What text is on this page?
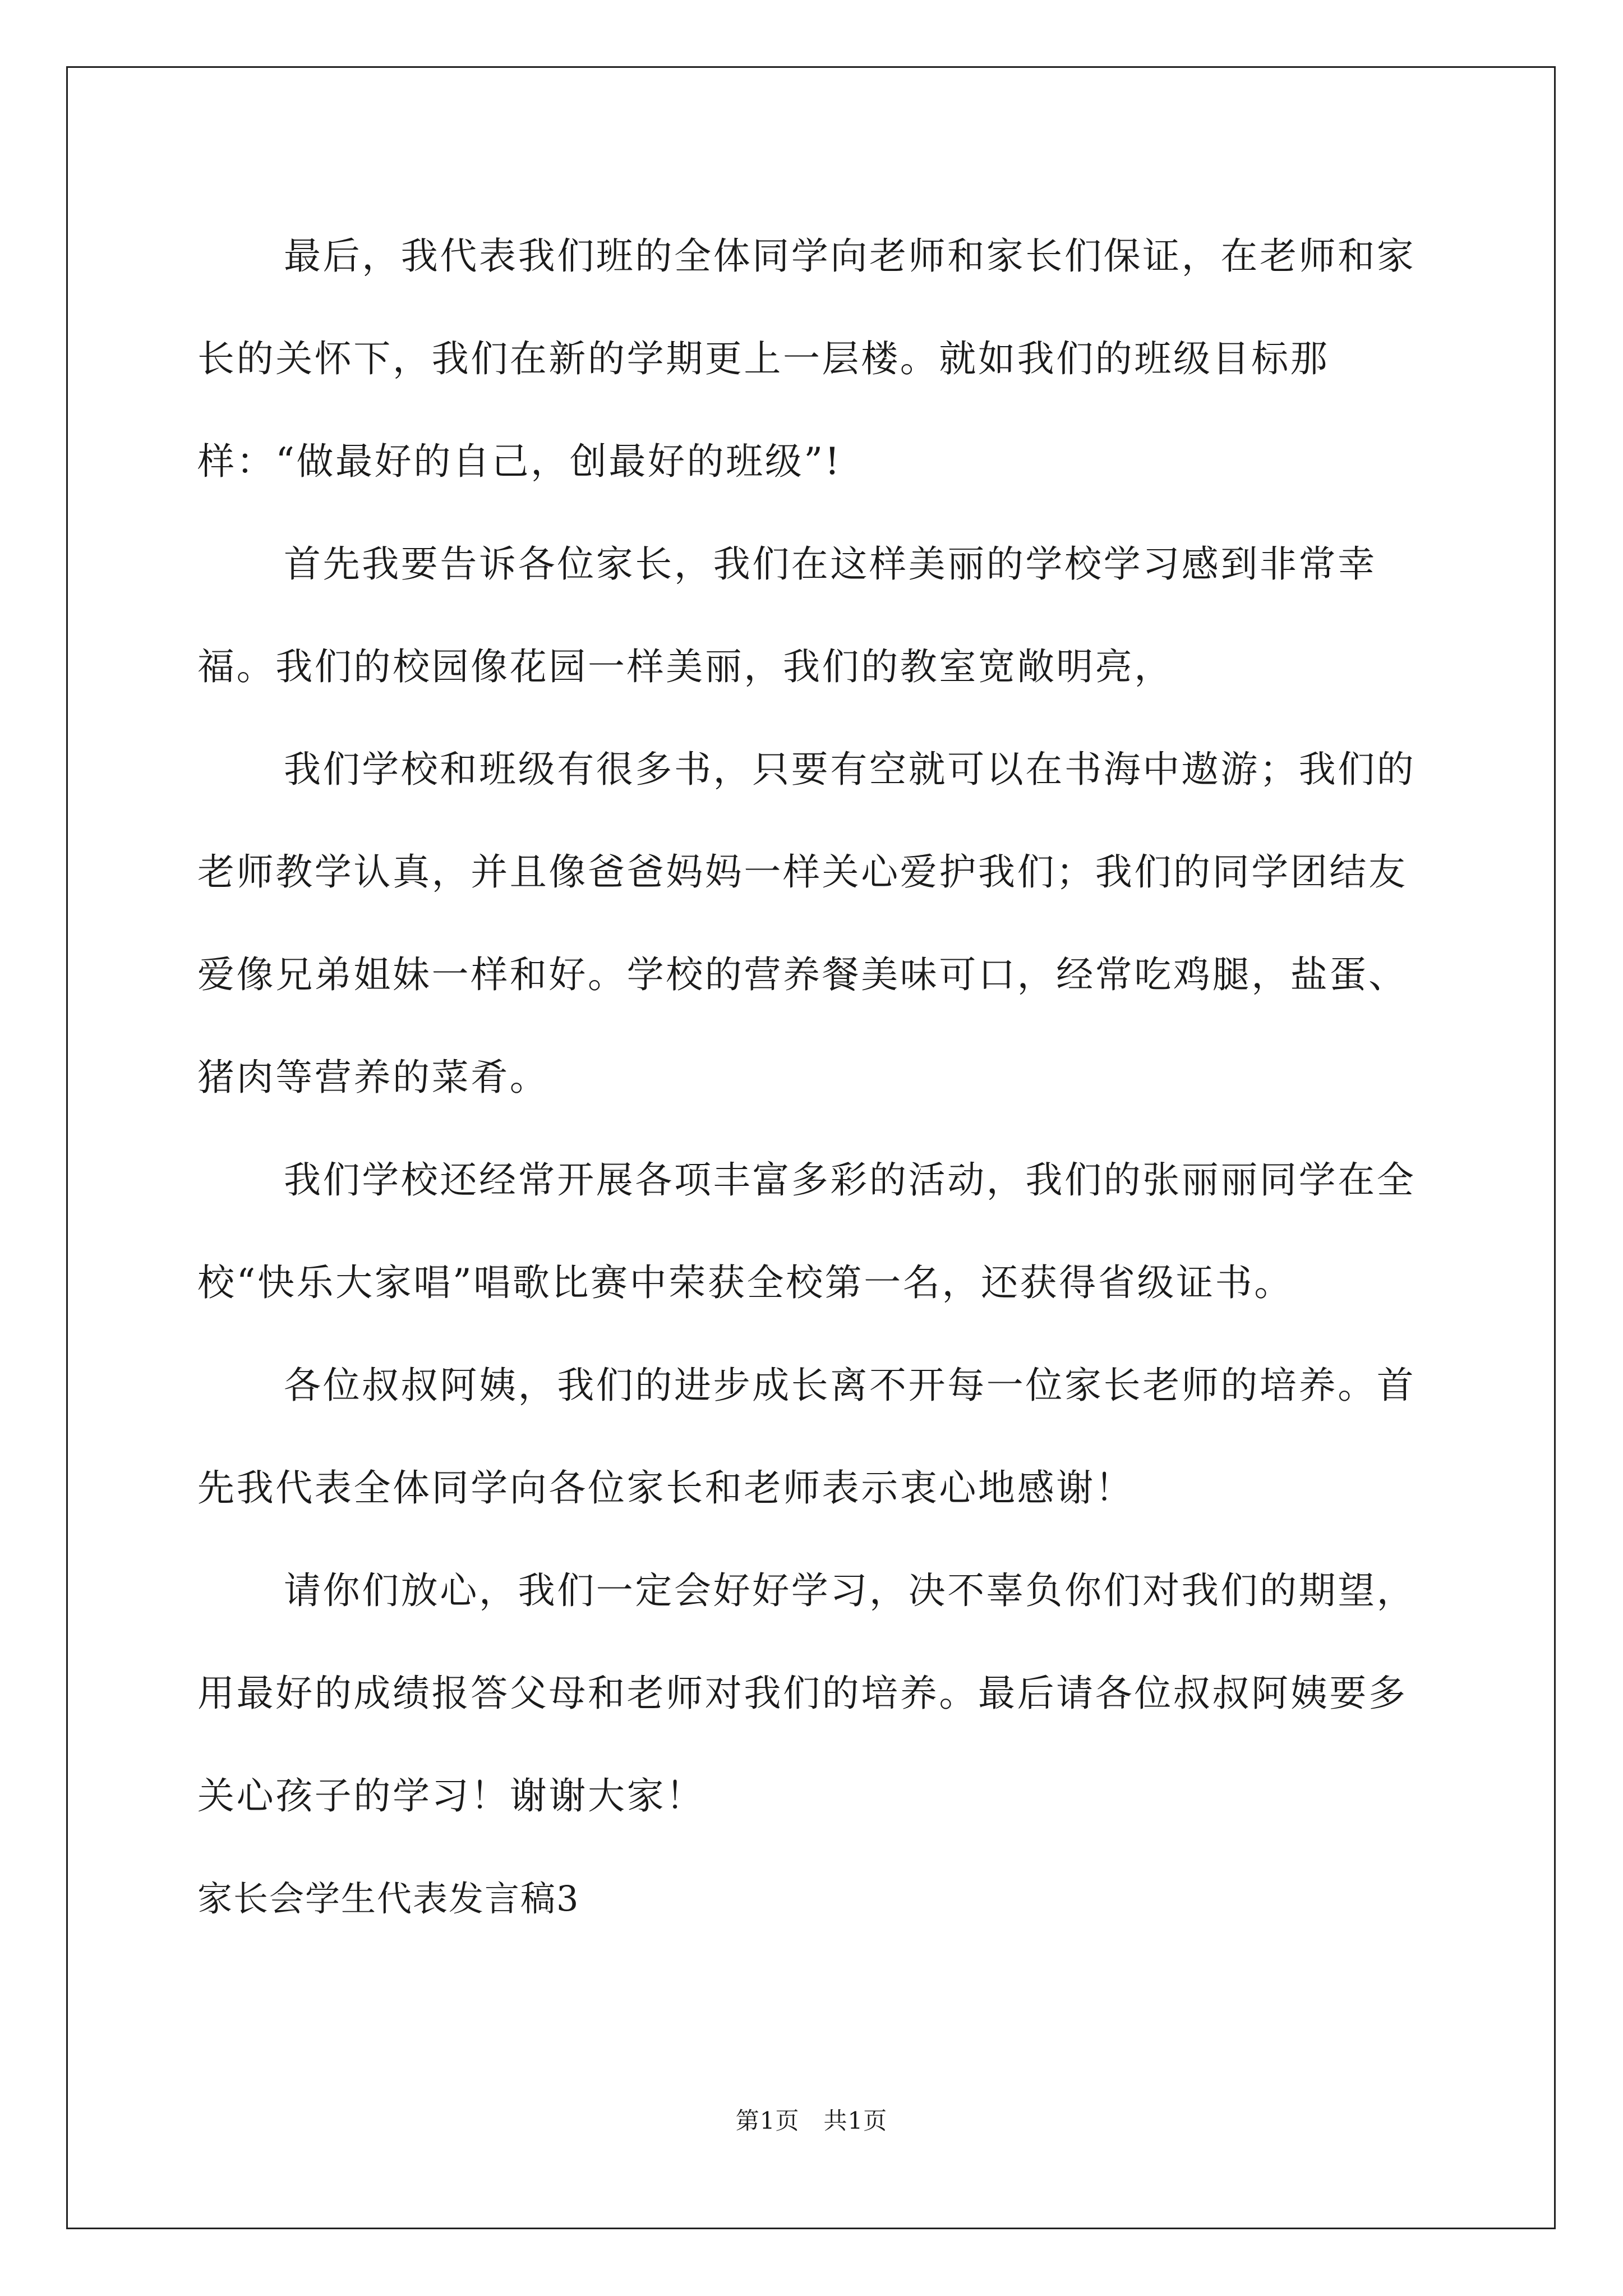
最后，我代表我们班的全体同学向老师和家长们保证，在老师和家长的关怀下，我们在新的学期更上一层楼。就如我们的班级目标那样：“做最好的自己，创最好的班级”!

首先我要告诉各位家长，我们在这样美丽的学校学习感到非常幸福。我们的校园像花园一样美丽，我们的教室宽敞明亮，

我们学校和班级有很多书，只要有空就可以在书海中遨游；我们的老师教学认真，并且像爸爸妈妈一样关心爱护我们；我们的同学团结友爱像兄弟姐妹一样和好。学校的营养餐美味可口，经常吃鸡腿，盐蛋、猪肉等营养的菜肴。

我们学校还经常开展各项丰富多彩的活动，我们的张丽丽同学在全校“快乐大家唱”唱歌比赛中荣获全校第一名，还获得省级证书。

各位叔叔阿姨，我们的进步成长离不开每一位家长老师的培养。首先我代表全体同学向各位家长和老师表示衷心地感谢！

请你们放心，我们一定会好好学习，决不辜负你们对我们的期望，用最好的成绩报答父母和老师对我们的培养。最后请各位叔叔阿姨要多关心孩子的学习！谢谢大家！

家长会学生代表发言稿3

第1页 共1页
